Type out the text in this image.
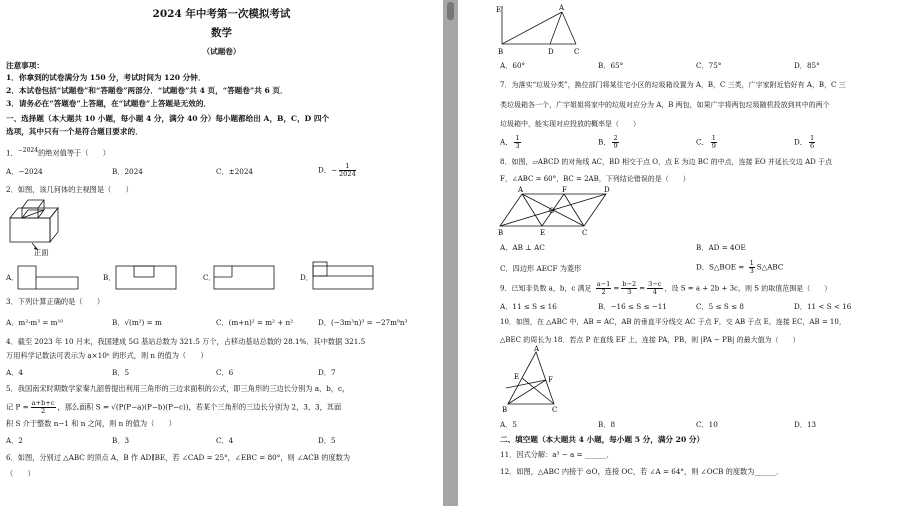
2024 年中考第一次模拟考试
数学
（试题卷）
注意事项：
1．你拿到的试卷满分为 150 分，考试时间为 120 分钟．
2．本试卷包括“试题卷”和“答题卷”两部分．“试题卷”共 4 页，“答题卷”共 6 页．
3．请务必在“答题卷”上答题，在“试题卷”上答题是无效的．
一、选择题（本大题共 10 小题，每小题 4 分，满分 40 分）每小题都给出 A，B，C，D 四个
选项，其中只有一个是符合题目要求的．
1．$^{-2024}$的绝对值等于（　　）
A．−2024	B．2024	C．±2024	D．− $\frac{1}{2024}$
2．如图，该几何体的主视图是（　　）
正面
A．	B．	C．	D．
3．下列计算正确的是（　　）
A．m²·m³ = m¹⁰	B．√(m²) = m	C．(m+n)² = m² + n²	D．(−3m³n)³ = −27m⁹n³
4．截至 2023 年 10 月末，我国建成 5G 基站总数为 321.5 万个，占移动基站总数的 28.1%．其中数据 321.5
万用科学记数法可表示为 a×10ⁿ 的形式，则 n 的值为（　　）
A．4	B．5	C．6	D．7
5．我国南宋时期数学家秦九韶曾提出利用三角形的三边求面积的公式，即三角形的三边长分别为 a，b，c，
记 $P = \frac{a+b+c}{2}$ ，那么面积 S = √(P(P−a)(P−b)(P−c))，若某个三角形的三边长分别为 2，3，3，其面
积 S 介于整数 n−1 和 n 之间，则 n 的值为（　　）
A．2	B．3	C．4	D．5
6．如图，分别过 △ABC 的顶点 A，B 作 AD∥BE，若 ∠CAD = 25°，∠EBC = 80°，则 ∠ACB 的度数为
（　　）
E	A
B	D	C
A．60°	B．65°	C．75°	D．85°
7．为落实“垃圾分类”，换位部门将某住宅小区的垃圾箱设置为 A，B，C 三类，广宇家附近恰好有 A，B，C 三
类垃圾箱各一个，广宇姐姐将家中的垃圾对应分为 A，B 两包，如果广宇将两包垃圾随机投放到其中的两个
垃圾箱中，能实现对应投放的概率是（　　）
A． $\frac{1}{3}$	B． $\frac{2}{9}$	C． $\frac{1}{9}$	D． $\frac{1}{6}$
8．如图，▱ABCD 的对角线 AC，BD 相交于点 O，点 E 为边 BC 的中点，连接 EO 并延长交边 AD 于点
F，∠ABC = 60°，BC = 2AB，下列结论错误的是（　　）
A	F	D
O
B	E	C
A．AB ⊥ AC	B．AD = 4OE
C．四边形 AECF 为菱形	D．S△BOE = $\frac{1}{3}$ S△ABC
9．已知非负数 a，b，c 满足 $\frac{a-1}{2} = \frac{b-2}{3} = \frac{3-c}{4}$ ，设 S = a + 2b + 3c，则 S 的取值范围是（　　）
A．11 ≤ S ≤ 16	B．−16 ≤ S ≤ −11	C．5 ≤ S ≤ 8	D．11 < S < 16
10．如图，在 △ABC 中，AB = AC，AB 的垂直平分线交 AC 于点 F，交 AB 于点 E，连接 EC，AB = 10，
△BEC 的周长为 18．若点 P 在直线 EF 上，连接 PA，PB，则 |PA − PB| 的最大值为（　　）
A
E	F
B	C
A．5	B．8	C．10	D．13
二、填空题（本大题共 4 小题，每小题 5 分，满分 20 分）
11．因式分解：a³ − a = ______．
12．如图，△ABC 内接于 ⊙O，连接 OC，若 ∠A = 64°，则 ∠OCB 的度数为______．
